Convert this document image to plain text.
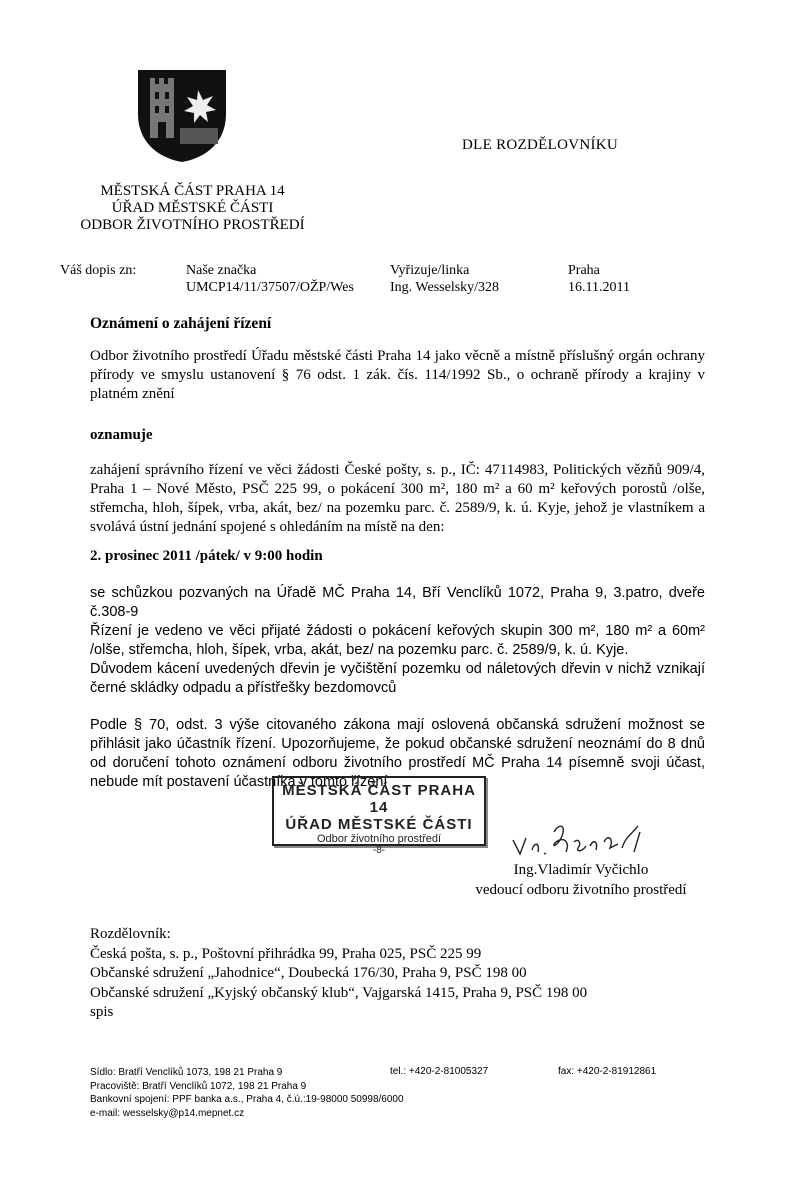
DLE ROZDĚLOVNÍKU
MĚSTSKÁ ČÁST PRAHA 14
ÚŘAD MĚSTSKÉ ČÁSTI
ODBOR ŽIVOTNÍHO PROSTŘEDÍ
Váš dopis zn:	Naše značka
UMCP14/11/37507/OŽP/Wes
Vyřizuje/linka
Ing. Wesselsky/328
Praha
16.11.2011
Oznámení o zahájení řízení
Odbor životního prostředí Úřadu městské části Praha 14 jako věcně a místně příslušný orgán ochrany přírody ve smyslu ustanovení § 76 odst. 1 zák. čís. 114/1992 Sb., o ochraně přírody a krajiny v platném znění
oznamuje
zahájení správního řízení ve věci žádosti České pošty, s. p., IČ: 47114983, Politických vězňů 909/4, Praha 1 – Nové Město, PSČ 225 99, o pokácení 300 m², 180 m² a 60 m² keřových porostů /olše, střemcha, hloh, šípek, vrba, akát, bez/ na pozemku parc. č. 2589/9, k. ú. Kyje, jehož je vlastníkem a svolává ústní jednání spojené s ohledáním na místě na den:
2. prosinec 2011 /pátek/ v 9:00 hodin
se schůzkou pozvaných na Úřadě MČ Praha 14, Bří Venclíků 1072, Praha 9, 3.patro, dveře č.308-9
Řízení je vedeno ve věci přijaté žádosti o pokácení keřových skupin 300 m², 180 m² a 60m² /olše, střemcha, hloh, šípek, vrba, akát, bez/ na pozemku parc. č. 2589/9, k. ú. Kyje.
Důvodem kácení uvedených dřevin je vyčištění pozemku od náletových dřevin v nichž vznikají černé skládky odpadu a přístřešky bezdomovců
Podle § 70, odst. 3 výše citovaného zákona mají oslovená občanská sdružení možnost se přihlásit jako účastník řízení. Upozorňujeme, že pokud občanské sdružení neoznámí do 8 dnů od doručení tohoto oznámení odboru životního prostředí MČ Praha 14 písemně svoji účast, nebude mít postavení účastníka v tomto řízení
MĚSTSKÁ ČÁST PRAHA 14
ÚŘAD MĚSTSKÉ ČÁSTI
Odbor životního prostředí
-8-
Ing.Vladimír Vyčichlo
vedoucí odboru životního prostředí
Rozdělovník:
Česká pošta, s. p., Poštovní přihrádka 99, Praha 025, PSČ 225 99
Občanské sdružení „Jahodnice“, Doubecká 176/30, Praha 9, PSČ 198 00
Občanské sdružení „Kyjský občanský klub“, Vajgarská 1415, Praha 9, PSČ 198 00
spis
Sídlo: Bratří Venclíků 1073, 198 21 Praha 9
Pracoviště: Bratří Venclíků 1072, 198 21 Praha 9
Bankovní spojení: PPF banka a.s., Praha 4, č.ú.:19-98000 50998/6000
e-mail: wesselsky@p14.mepnet.cz
tel.: +420-2-81005327	fax: +420-2-81912861
